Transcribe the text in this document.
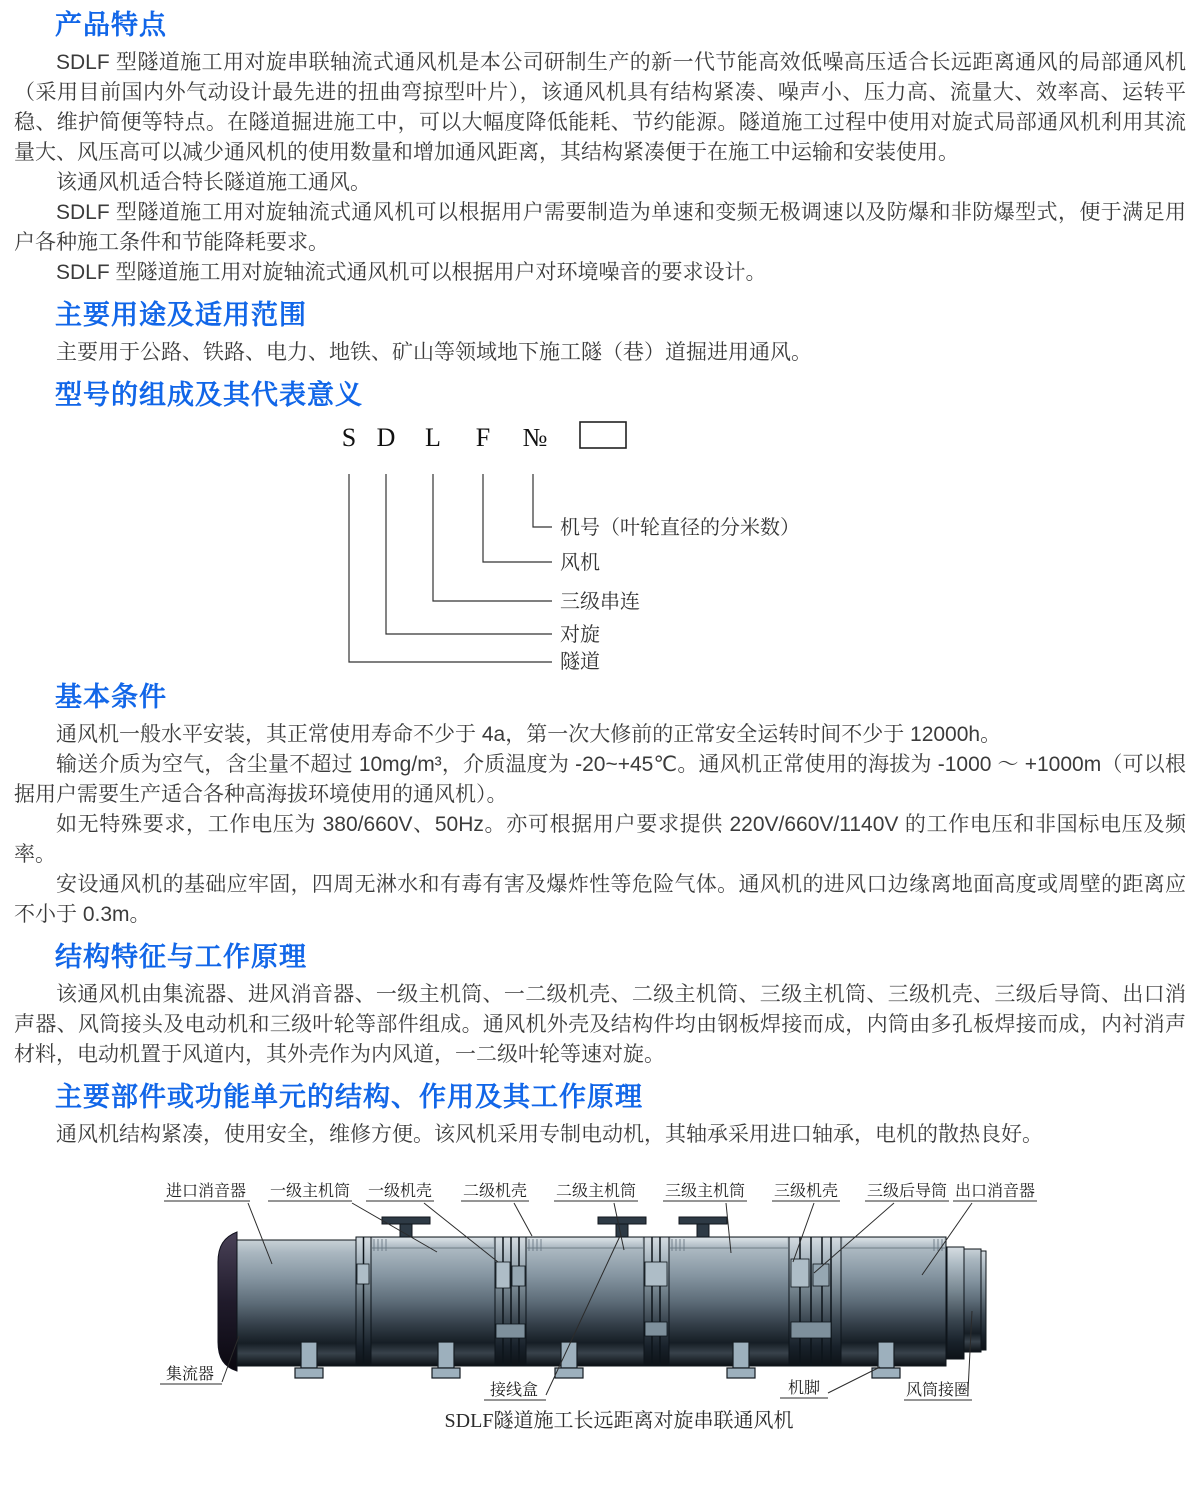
产品特点

SDLF 型隧道施工用对旋串联轴流式通风机是本公司研制生产的新一代节能高效低噪高压适合长远距离通风的局部通风机（采用目前国内外气动设计最先进的扭曲弯掠型叶片），该通风机具有结构紧凑、噪声小、压力高、流量大、效率高、运转平稳、维护简便等特点。在隧道掘进施工中，可以大幅度降低能耗、节约能源。隧道施工过程中使用对旋式局部通风机利用其流量大、风压高可以减少通风机的使用数量和增加通风距离，其结构紧凑便于在施工中运输和安装使用。

该通风机适合特长隧道施工通风。

SDLF 型隧道施工用对旋轴流式通风机可以根据用户需要制造为单速和变频无极调速以及防爆和非防爆型式，便于满足用户各种施工条件和节能降耗要求。

SDLF 型隧道施工用对旋轴流式通风机可以根据用户对环境噪音的要求设计。

主要用途及适用范围

主要用于公路、铁路、电力、地铁、矿山等领域地下施工隧（巷）道掘进用通风。

型号的组成及其代表意义
S D L F №
机号（叶轮直径的分米数）
风机
三级串连
对旋
隧道
基本条件

通风机一般水平安装，其正常使用寿命不少于 4a，第一次大修前的正常安全运转时间不少于 12000h。

输送介质为空气，含尘量不超过 10mg/m³，介质温度为 -20~+45℃。通风机正常使用的海拔为 -1000 ～ +1000m（可以根据用户需要生产适合各种高海拔环境使用的通风机）。

如无特殊要求，工作电压为 380/660V、50Hz。亦可根据用户要求提供 220V/660V/1140V 的工作电压和非国标电压及频率。

安设通风机的基础应牢固，四周无淋水和有毒有害及爆炸性等危险气体。通风机的进风口边缘离地面高度或周壁的距离应不小于 0.3m。

结构特征与工作原理

该通风机由集流器、进风消音器、一级主机筒、一二级机壳、二级主机筒、三级主机筒、三级机壳、三级后导筒、出口消声器、风筒接头及电动机和三级叶轮等部件组成。通风机外壳及结构件均由钢板焊接而成，内筒由多孔板焊接而成，内衬消声材料，电动机置于风道内，其外壳作为内风道，一二级叶轮等速对旋。

主要部件或功能单元的结构、作用及其工作原理

通风机结构紧凑，使用安全，维修方便。该风机采用专制电动机，其轴承采用进口轴承，电机的散热良好。

进口消音器 一级主机筒 一级机壳 二级机壳 二级主机筒 三级主机筒 三级机壳 三级后导筒 出口消音器
集流器
接线盒	机脚	风筒接圈
SDLF隧道施工长远距离对旋串联通风机
